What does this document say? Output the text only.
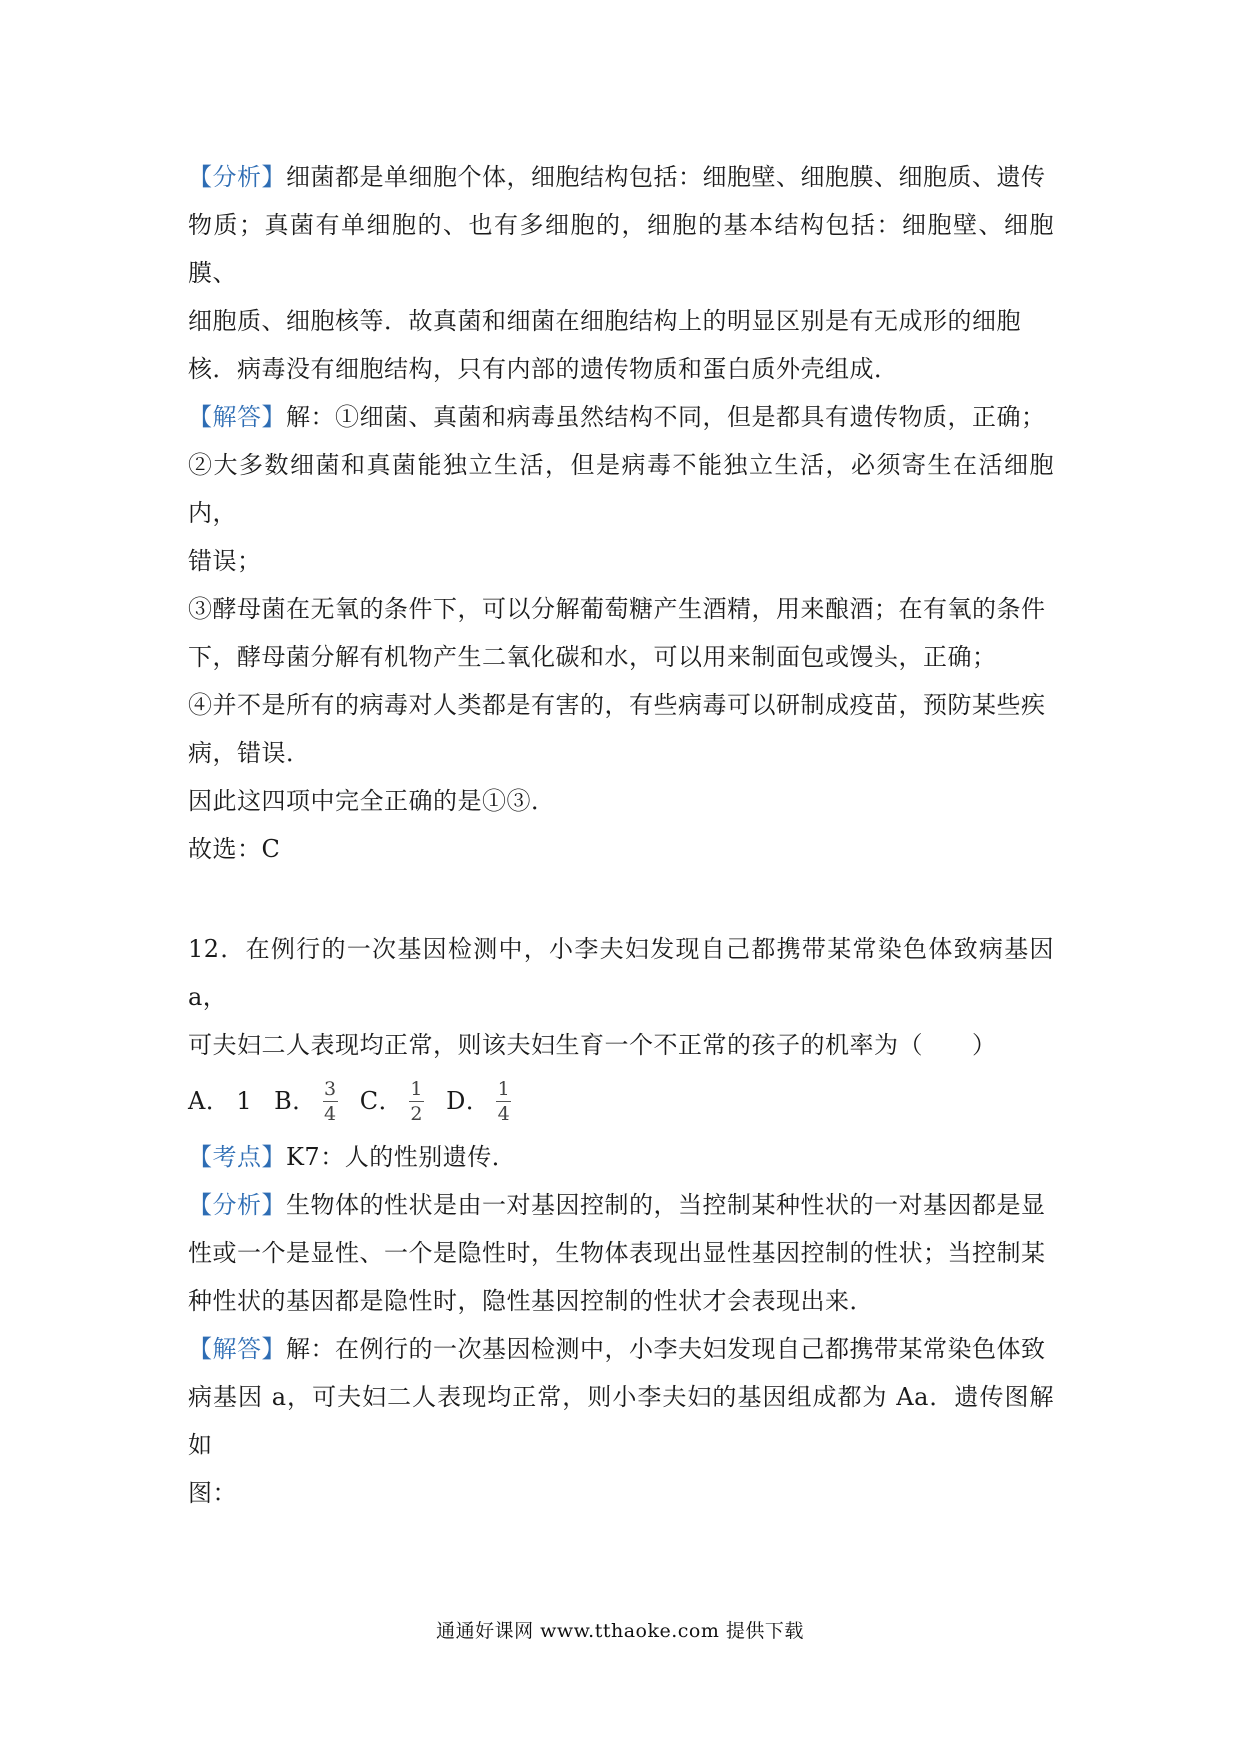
【分析】细菌都是单细胞个体，细胞结构包括：细胞壁、细胞膜、细胞质、遗传
物质；真菌有单细胞的、也有多细胞的，细胞的基本结构包括：细胞壁、细胞膜、
细胞质、细胞核等．故真菌和细菌在细胞结构上的明显区别是有无成形的细胞
核．病毒没有细胞结构，只有内部的遗传物质和蛋白质外壳组成．

【解答】解：①细菌、真菌和病毒虽然结构不同，但是都具有遗传物质，正确；
②大多数细菌和真菌能独立生活，但是病毒不能独立生活，必须寄生在活细胞内，
错误；
③酵母菌在无氧的条件下，可以分解葡萄糖产生酒精，用来酿酒；在有氧的条件
下，酵母菌分解有机物产生二氧化碳和水，可以用来制面包或馒头，正确；
④并不是所有的病毒对人类都是有害的，有些病毒可以研制成疫苗，预防某些疾
病，错误．
因此这四项中完全正确的是①③．
故选：C

12．在例行的一次基因检测中，小李夫妇发现自己都携带某常染色体致病基因 a，
可夫妇二人表现均正常，则该夫妇生育一个不正常的孩子的机率为（　　）

A． 1 B． $\frac{3}{4}$ C． $\frac{1}{2}$ D． $\frac{1}{4}$

【考点】K7：人的性别遗传．

【分析】生物体的性状是由一对基因控制的，当控制某种性状的一对基因都是显
性或一个是显性、一个是隐性时，生物体表现出显性基因控制的性状；当控制某
种性状的基因都是隐性时，隐性基因控制的性状才会表现出来．

【解答】解：在例行的一次基因检测中，小李夫妇发现自己都携带某常染色体致
病基因 a，可夫妇二人表现均正常，则小李夫妇的基因组成都为 Aa．遗传图解如
图：

通通好课网 www.tthaoke.com 提供下载
